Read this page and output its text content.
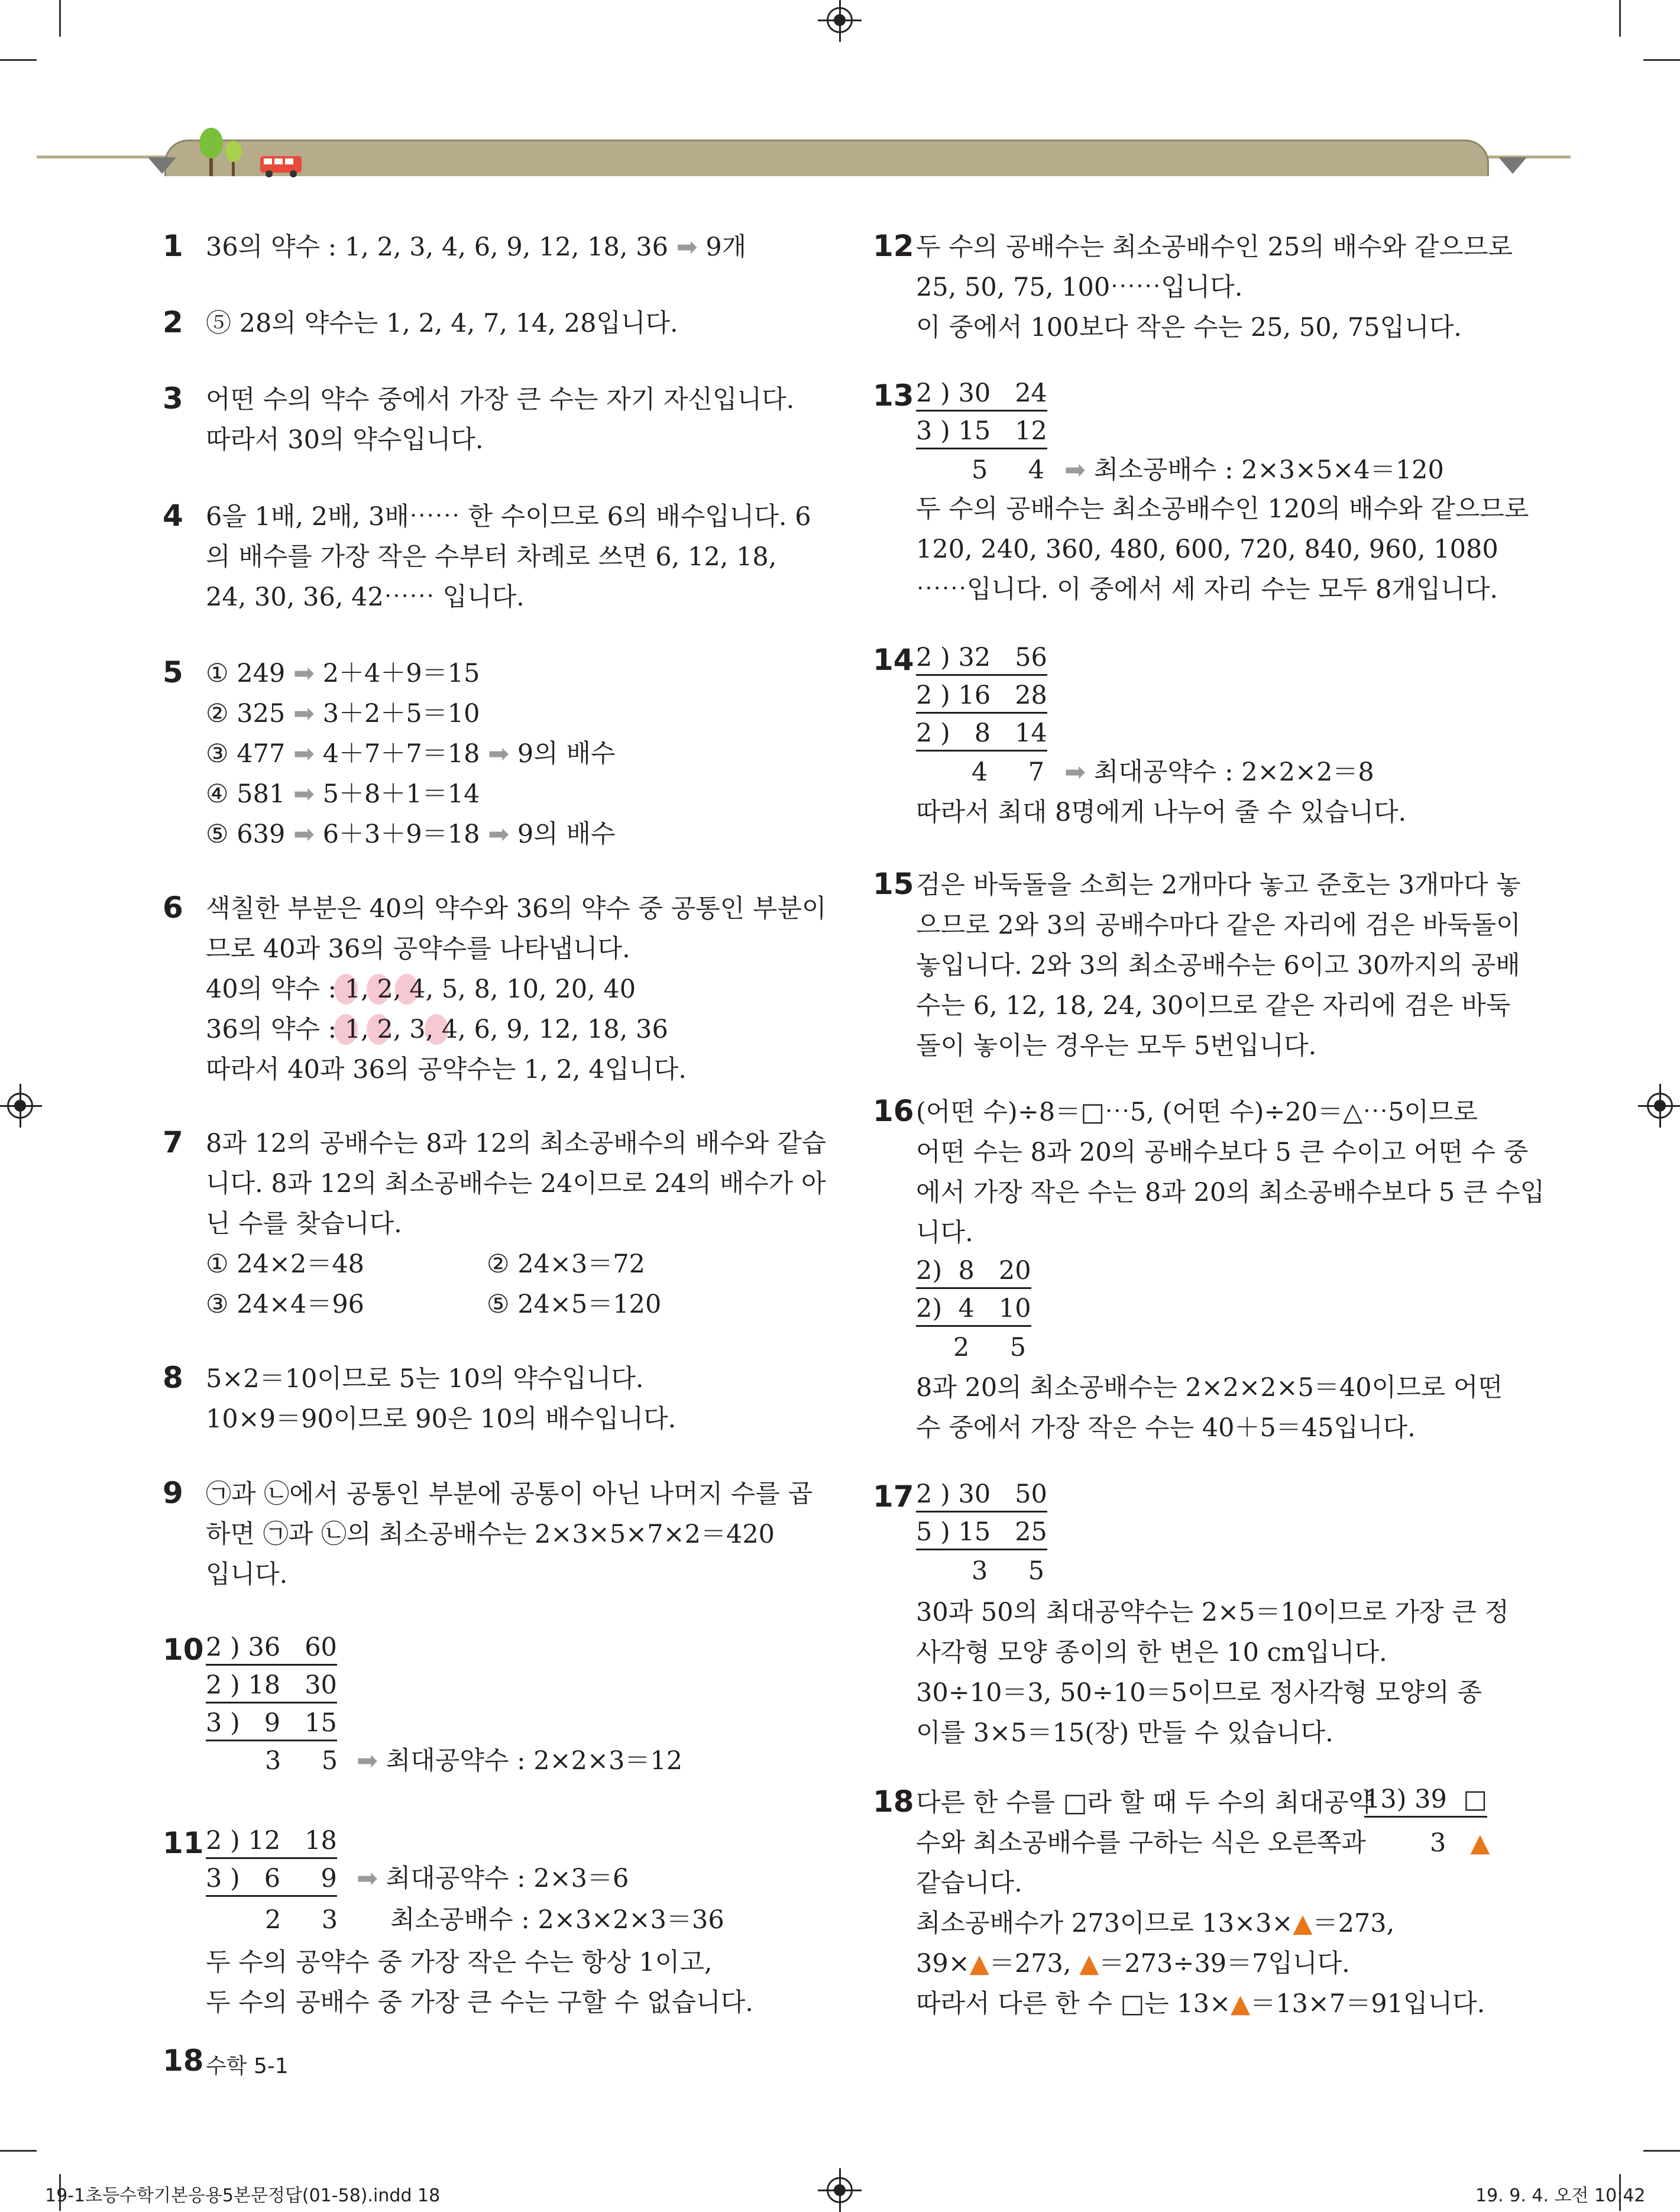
1 36의 약수 : 1, 2, 3, 4, 6, 9, 12, 18, 36 ➡ 9개
2 ⑤ 28의 약수는 1, 2, 4, 7, 14, 28입니다.
3 어떤 수의 약수 중에서 가장 큰 수는 자기 자신입니다.
따라서 30의 약수입니다.
4 6을 1배, 2배, 3배⋯⋯ 한 수이므로 6의 배수입니다. 6
의 배수를 가장 작은 수부터 차례로 쓰면 6, 12, 18,
24, 30, 36, 42⋯⋯ 입니다.
5 ① 249 ➡ 2＋4＋9＝15
② 325 ➡ 3＋2＋5＝10
③ 477 ➡ 4＋7＋7＝18 ➡ 9의 배수
④ 581 ➡ 5＋8＋1＝14
⑤ 639 ➡ 6＋3＋9＝18 ➡ 9의 배수
6 색칠한 부분은 40의 약수와 36의 약수 중 공통인 부분이
므로 40과 36의 공약수를 나타냅니다.
40의 약수 : 1, 2, 4, 5, 8, 10, 20, 40
36의 약수 : 1, 2, 3, 4, 6, 9, 12, 18, 36
따라서 40과 36의 공약수는 1, 2, 4입니다.
7 8과 12의 공배수는 8과 12의 최소공배수의 배수와 같습
니다. 8과 12의 최소공배수는 24이므로 24의 배수가 아
닌 수를 찾습니다.
① 24×2＝48	② 24×3＝72
③ 24×4＝96	⑤ 24×5＝120
8 5×2＝10이므로 5는 10의 약수입니다.
10×9＝90이므로 90은 10의 배수입니다.
9 ㉠과 ㉡에서 공통인 부분에 공통이 아닌 나머지 수를 곱
하면 ㉠과 ㉡의 최소공배수는 2×3×5×7×2＝420
입니다.
10 2 ) 36   60
2 ) 18   30
3 )   9   15
3     5 ➡ 최대공약수 : 2×2×3＝12
11 2 ) 12   18
3 )   6     9 ➡ 최대공약수 : 2×3＝6
2     3 최소공배수 : 2×3×2×3＝36
두 수의 공약수 중 가장 작은 수는 항상 1이고,
두 수의 공배수 중 가장 큰 수는 구할 수 없습니다.
12 두 수의 공배수는 최소공배수인 25의 배수와 같으므로
25, 50, 75, 100⋯⋯입니다.
이 중에서 100보다 작은 수는 25, 50, 75입니다.
13 2 ) 30   24
3 ) 15   12
5     4 ➡ 최소공배수 : 2×3×5×4＝120
두 수의 공배수는 최소공배수인 120의 배수와 같으므로
120, 240, 360, 480, 600, 720, 840, 960, 1080
⋯⋯입니다. 이 중에서 세 자리 수는 모두 8개입니다.
14 2 ) 32   56
2 ) 16   28
2 )   8   14
4     7 ➡ 최대공약수 : 2×2×2＝8
따라서 최대 8명에게 나누어 줄 수 있습니다.
15 검은 바둑돌을 소희는 2개마다 놓고 준호는 3개마다 놓
으므로 2와 3의 공배수마다 같은 자리에 검은 바둑돌이
놓입니다. 2와 3의 최소공배수는 6이고 30까지의 공배
수는 6, 12, 18, 24, 30이므로 같은 자리에 검은 바둑
돌이 놓이는 경우는 모두 5번입니다.
16 (어떤 수)÷8＝□⋯5, (어떤 수)÷20＝△⋯5이므로
어떤 수는 8과 20의 공배수보다 5 큰 수이고 어떤 수 중
에서 가장 작은 수는 8과 20의 최소공배수보다 5 큰 수입
니다.
2)  8   20
2)  4   10
2     5
8과 20의 최소공배수는 2×2×2×5＝40이므로 어떤
수 중에서 가장 작은 수는 40＋5＝45입니다.
17 2 ) 30   50
5 ) 15   25
3     5
30과 50의 최대공약수는 2×5＝10이므로 가장 큰 정
사각형 모양 종이의 한 변은 10 cm입니다.
30÷10＝3, 50÷10＝5이므로 정사각형 모양의 종
이를 3×5＝15(장) 만들 수 있습니다.
18 다른 한 수를 □라 할 때 두 수의 최대공약
13) 39  □
수와 최소공배수를 구하는 식은 오른쪽과	3 ▲
같습니다.
최소공배수가 273이므로 13×3×▲＝273,
39×▲＝273, ▲＝273÷39＝7입니다.
따라서 다른 한 수 □는 13×▲＝13×7＝91입니다.
18 수학 5-1
19-1초등수학기본응용5본문정답(01-58).indd 18	19. 9. 4. 오전 10:42
